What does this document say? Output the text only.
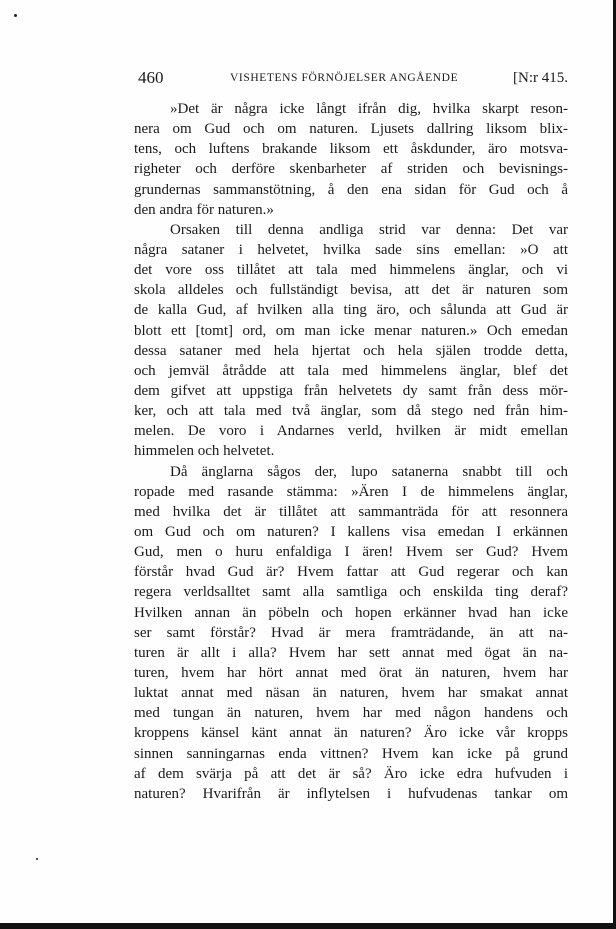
460	VISHETENS FÖRNÖJELSER ANGÅENDE	[N:r 415.
»Det är några icke långt ifrån dig, hvilka skarpt reson-
nera om Gud och om naturen. Ljusets dallring liksom blix-
tens, och luftens brakande liksom ett åskdunder, äro motsva-
righeter och derföre skenbarheter af striden och bevisnings-
grundernas sammanstötning, å den ena sidan för Gud och å
den andra för naturen.»
Orsaken till denna andliga strid var denna: Det var
några sataner i helvetet, hvilka sade sins emellan: »O att
det vore oss tillåtet att tala med himmelens änglar, och vi
skola alldeles och fullständigt bevisa, att det är naturen som
de kalla Gud, af hvilken alla ting äro, och sålunda att Gud är
blott ett [tomt] ord, om man icke menar naturen.» Och emedan
dessa sataner med hela hjertat och hela själen trodde detta,
och jemväl åtrådde att tala med himmelens änglar, blef det
dem gifvet att uppstiga från helvetets dy samt från dess mör-
ker, och att tala med två änglar, som då stego ned från him-
melen. De voro i Andarnes verld, hvilken är midt emellan
himmelen och helvetet.
Då änglarna sågos der, lupo satanerna snabbt till och
ropade med rasande stämma: »Ären I de himmelens änglar,
med hvilka det är tillåtet att sammanträda för att resonnera
om Gud och om naturen? I kallens visa emedan I erkännen
Gud, men o huru enfaldiga I ären! Hvem ser Gud? Hvem
förstår hvad Gud är? Hvem fattar att Gud regerar och kan
regera verldsalltet samt alla samtliga och enskilda ting deraf?
Hvilken annan än pöbeln och hopen erkänner hvad han icke
ser samt förstår? Hvad är mera framträdande, än att na-
turen är allt i alla? Hvem har sett annat med ögat än na-
turen, hvem har hört annat med örat än naturen, hvem har
luktat annat med näsan än naturen, hvem har smakat annat
med tungan än naturen, hvem har med någon handens och
kroppens känsel känt annat än naturen? Äro icke vår kropps
sinnen sanningarnas enda vittnen? Hvem kan icke på grund
af dem svärja på att det är så? Äro icke edra hufvuden i
naturen? Hvarifrån är inflytelsen i hufvudenas tankar om
